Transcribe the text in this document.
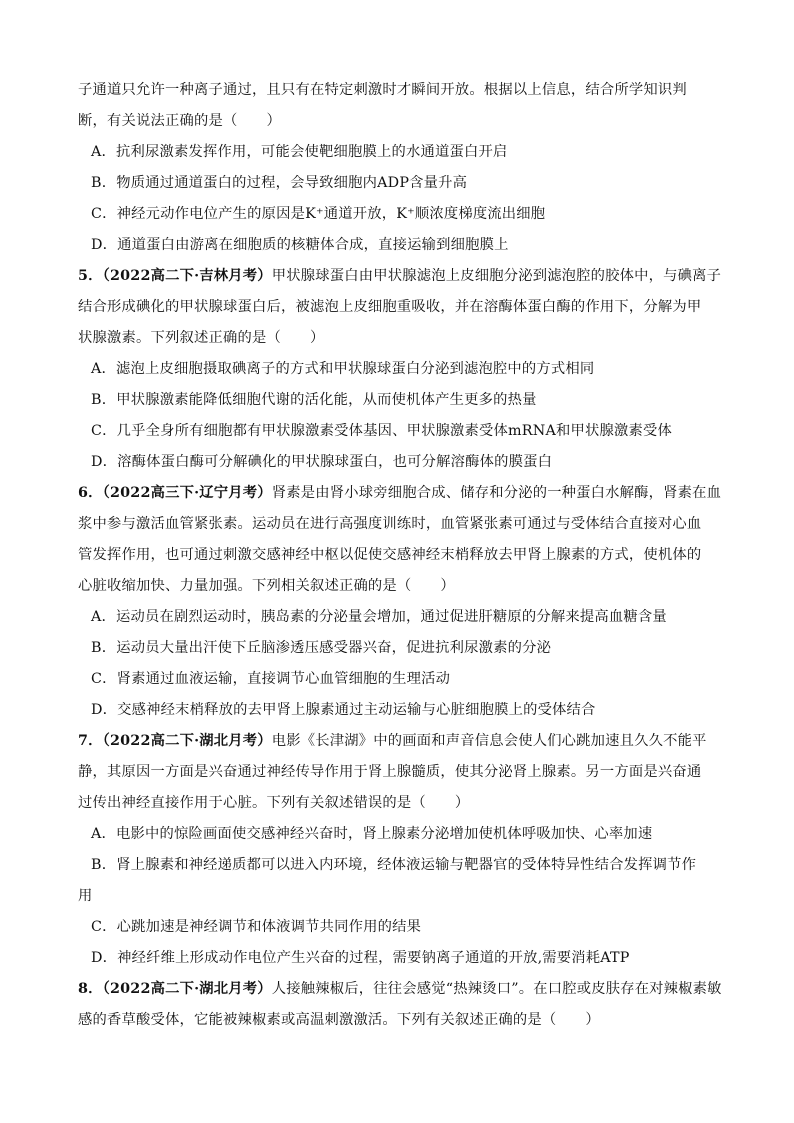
子通道只允许一种离子通过，且只有在特定刺激时才瞬间开放。根据以上信息，结合所学知识判
断，有关说法正确的是（　　）
A．抗利尿激素发挥作用，可能会使靶细胞膜上的水通道蛋白开启
B．物质通过通道蛋白的过程，会导致细胞内ADP含量升高
C．神经元动作电位产生的原因是K⁺通道开放，K⁺顺浓度梯度流出细胞
D．通道蛋白由游离在细胞质的核糖体合成，直接运输到细胞膜上
5．（2022高二下·吉林月考）甲状腺球蛋白由甲状腺滤泡上皮细胞分泌到滤泡腔的胶体中，与碘离子
结合形成碘化的甲状腺球蛋白后，被滤泡上皮细胞重吸收，并在溶酶体蛋白酶的作用下，分解为甲
状腺激素。下列叙述正确的是（　　）
A．滤泡上皮细胞摄取碘离子的方式和甲状腺球蛋白分泌到滤泡腔中的方式相同
B．甲状腺激素能降低细胞代谢的活化能，从而使机体产生更多的热量
C．几乎全身所有细胞都有甲状腺激素受体基因、甲状腺激素受体mRNA和甲状腺激素受体
D．溶酶体蛋白酶可分解碘化的甲状腺球蛋白，也可分解溶酶体的膜蛋白
6．（2022高三下·辽宁月考）肾素是由肾小球旁细胞合成、储存和分泌的一种蛋白水解酶，肾素在血
浆中参与激活血管紧张素。运动员在进行高强度训练时，血管紧张素可通过与受体结合直接对心血
管发挥作用，也可通过刺激交感神经中枢以促使交感神经末梢释放去甲肾上腺素的方式，使机体的
心脏收缩加快、力量加强。下列相关叙述正确的是（　　）
A．运动员在剧烈运动时，胰岛素的分泌量会增加，通过促进肝糖原的分解来提高血糖含量
B．运动员大量出汗使下丘脑渗透压感受器兴奋，促进抗利尿激素的分泌
C．肾素通过血液运输，直接调节心血管细胞的生理活动
D．交感神经末梢释放的去甲肾上腺素通过主动运输与心脏细胞膜上的受体结合
7．（2022高二下·湖北月考）电影《长津湖》中的画面和声音信息会使人们心跳加速且久久不能平
静，其原因一方面是兴奋通过神经传导作用于肾上腺髓质，使其分泌肾上腺素。另一方面是兴奋通
过传出神经直接作用于心脏。下列有关叙述错误的是（　　）
A．电影中的惊险画面使交感神经兴奋时，肾上腺素分泌增加使机体呼吸加快、心率加速
B．肾上腺素和神经递质都可以进入内环境，经体液运输与靶器官的受体特异性结合发挥调节作
用
C．心跳加速是神经调节和体液调节共同作用的结果
D．神经纤维上形成动作电位产生兴奋的过程，需要钠离子通道的开放,需要消耗ATP
8．（2022高二下·湖北月考）人接触辣椒后，往往会感觉“热辣烫口”。在口腔或皮肤存在对辣椒素敏
感的香草酸受体，它能被辣椒素或高温刺激激活。下列有关叙述正确的是（　　）
